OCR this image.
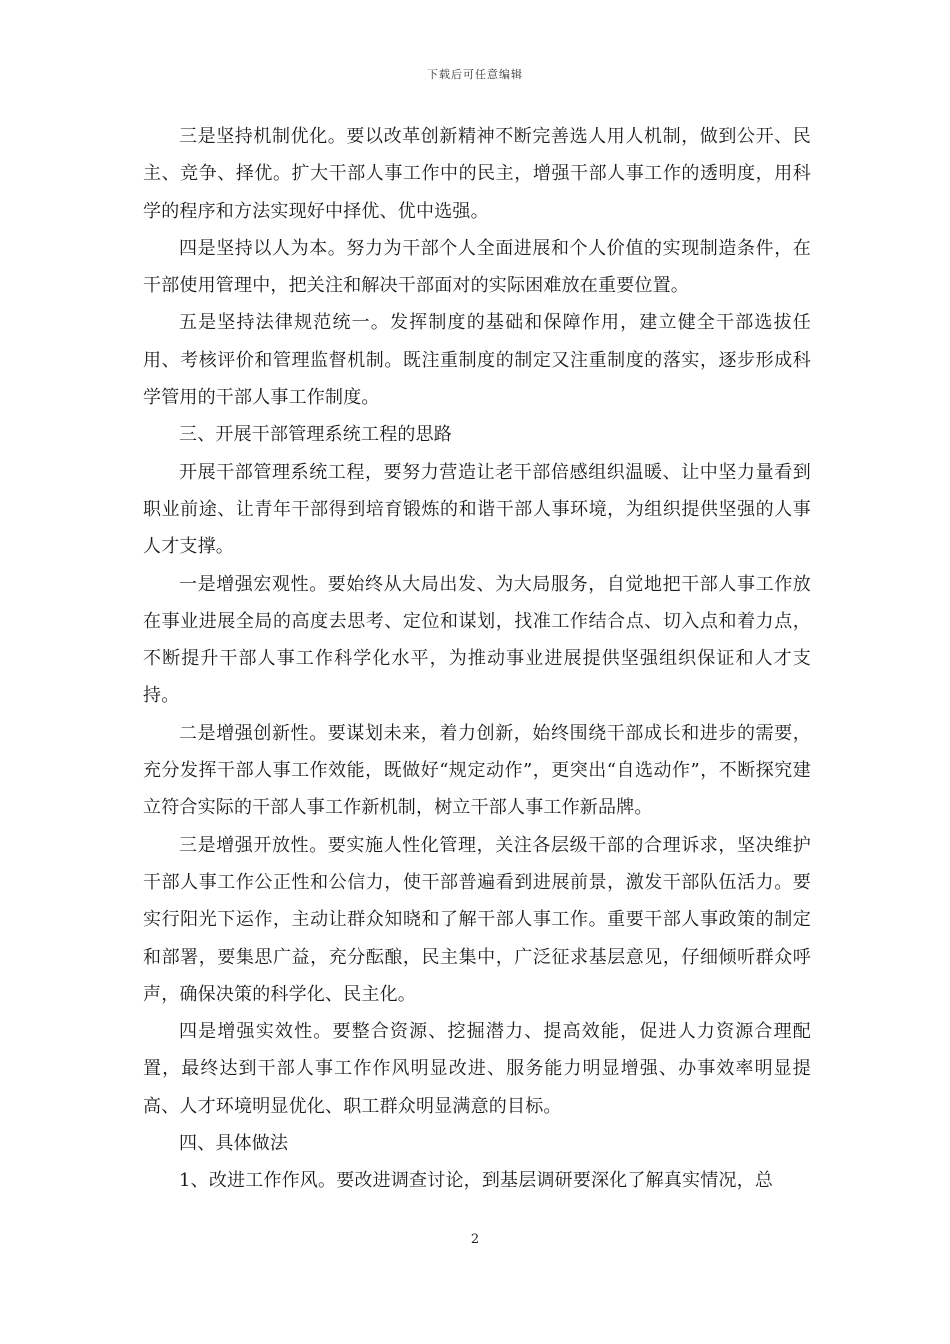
下载后可任意编辑

三是坚持机制优化。要以改革创新精神不断完善选人用人机制，做到公开、民主、竞争、择优。扩大干部人事工作中的民主，增强干部人事工作的透明度，用科学的程序和方法实现好中择优、优中选强。

四是坚持以人为本。努力为干部个人全面进展和个人价值的实现制造条件，在干部使用管理中，把关注和解决干部面对的实际困难放在重要位置。

五是坚持法律规范统一。发挥制度的基础和保障作用，建立健全干部选拔任用、考核评价和管理监督机制。既注重制度的制定又注重制度的落实，逐步形成科学管用的干部人事工作制度。

三、开展干部管理系统工程的思路

开展干部管理系统工程，要努力营造让老干部倍感组织温暖、让中坚力量看到职业前途、让青年干部得到培育锻炼的和谐干部人事环境，为组织提供坚强的人事人才支撑。

一是增强宏观性。要始终从大局出发、为大局服务，自觉地把干部人事工作放在事业进展全局的高度去思考、定位和谋划，找准工作结合点、切入点和着力点，不断提升干部人事工作科学化水平，为推动事业进展提供坚强组织保证和人才支持。

二是增强创新性。要谋划未来，着力创新，始终围绕干部成长和进步的需要，充分发挥干部人事工作效能，既做好“规定动作”，更突出“自选动作”，不断探究建立符合实际的干部人事工作新机制，树立干部人事工作新品牌。

三是增强开放性。要实施人性化管理，关注各层级干部的合理诉求，坚决维护干部人事工作公正性和公信力，使干部普遍看到进展前景，激发干部队伍活力。要实行阳光下运作，主动让群众知晓和了解干部人事工作。重要干部人事政策的制定和部署，要集思广益，充分酝酿，民主集中，广泛征求基层意见，仔细倾听群众呼声，确保决策的科学化、民主化。

四是增强实效性。要整合资源、挖掘潜力、提高效能，促进人力资源合理配置，最终达到干部人事工作作风明显改进、服务能力明显增强、办事效率明显提高、人才环境明显优化、职工群众明显满意的目标。

四、具体做法

1、改进工作作风。要改进调查讨论，到基层调研要深化了解真实情况，总

2
